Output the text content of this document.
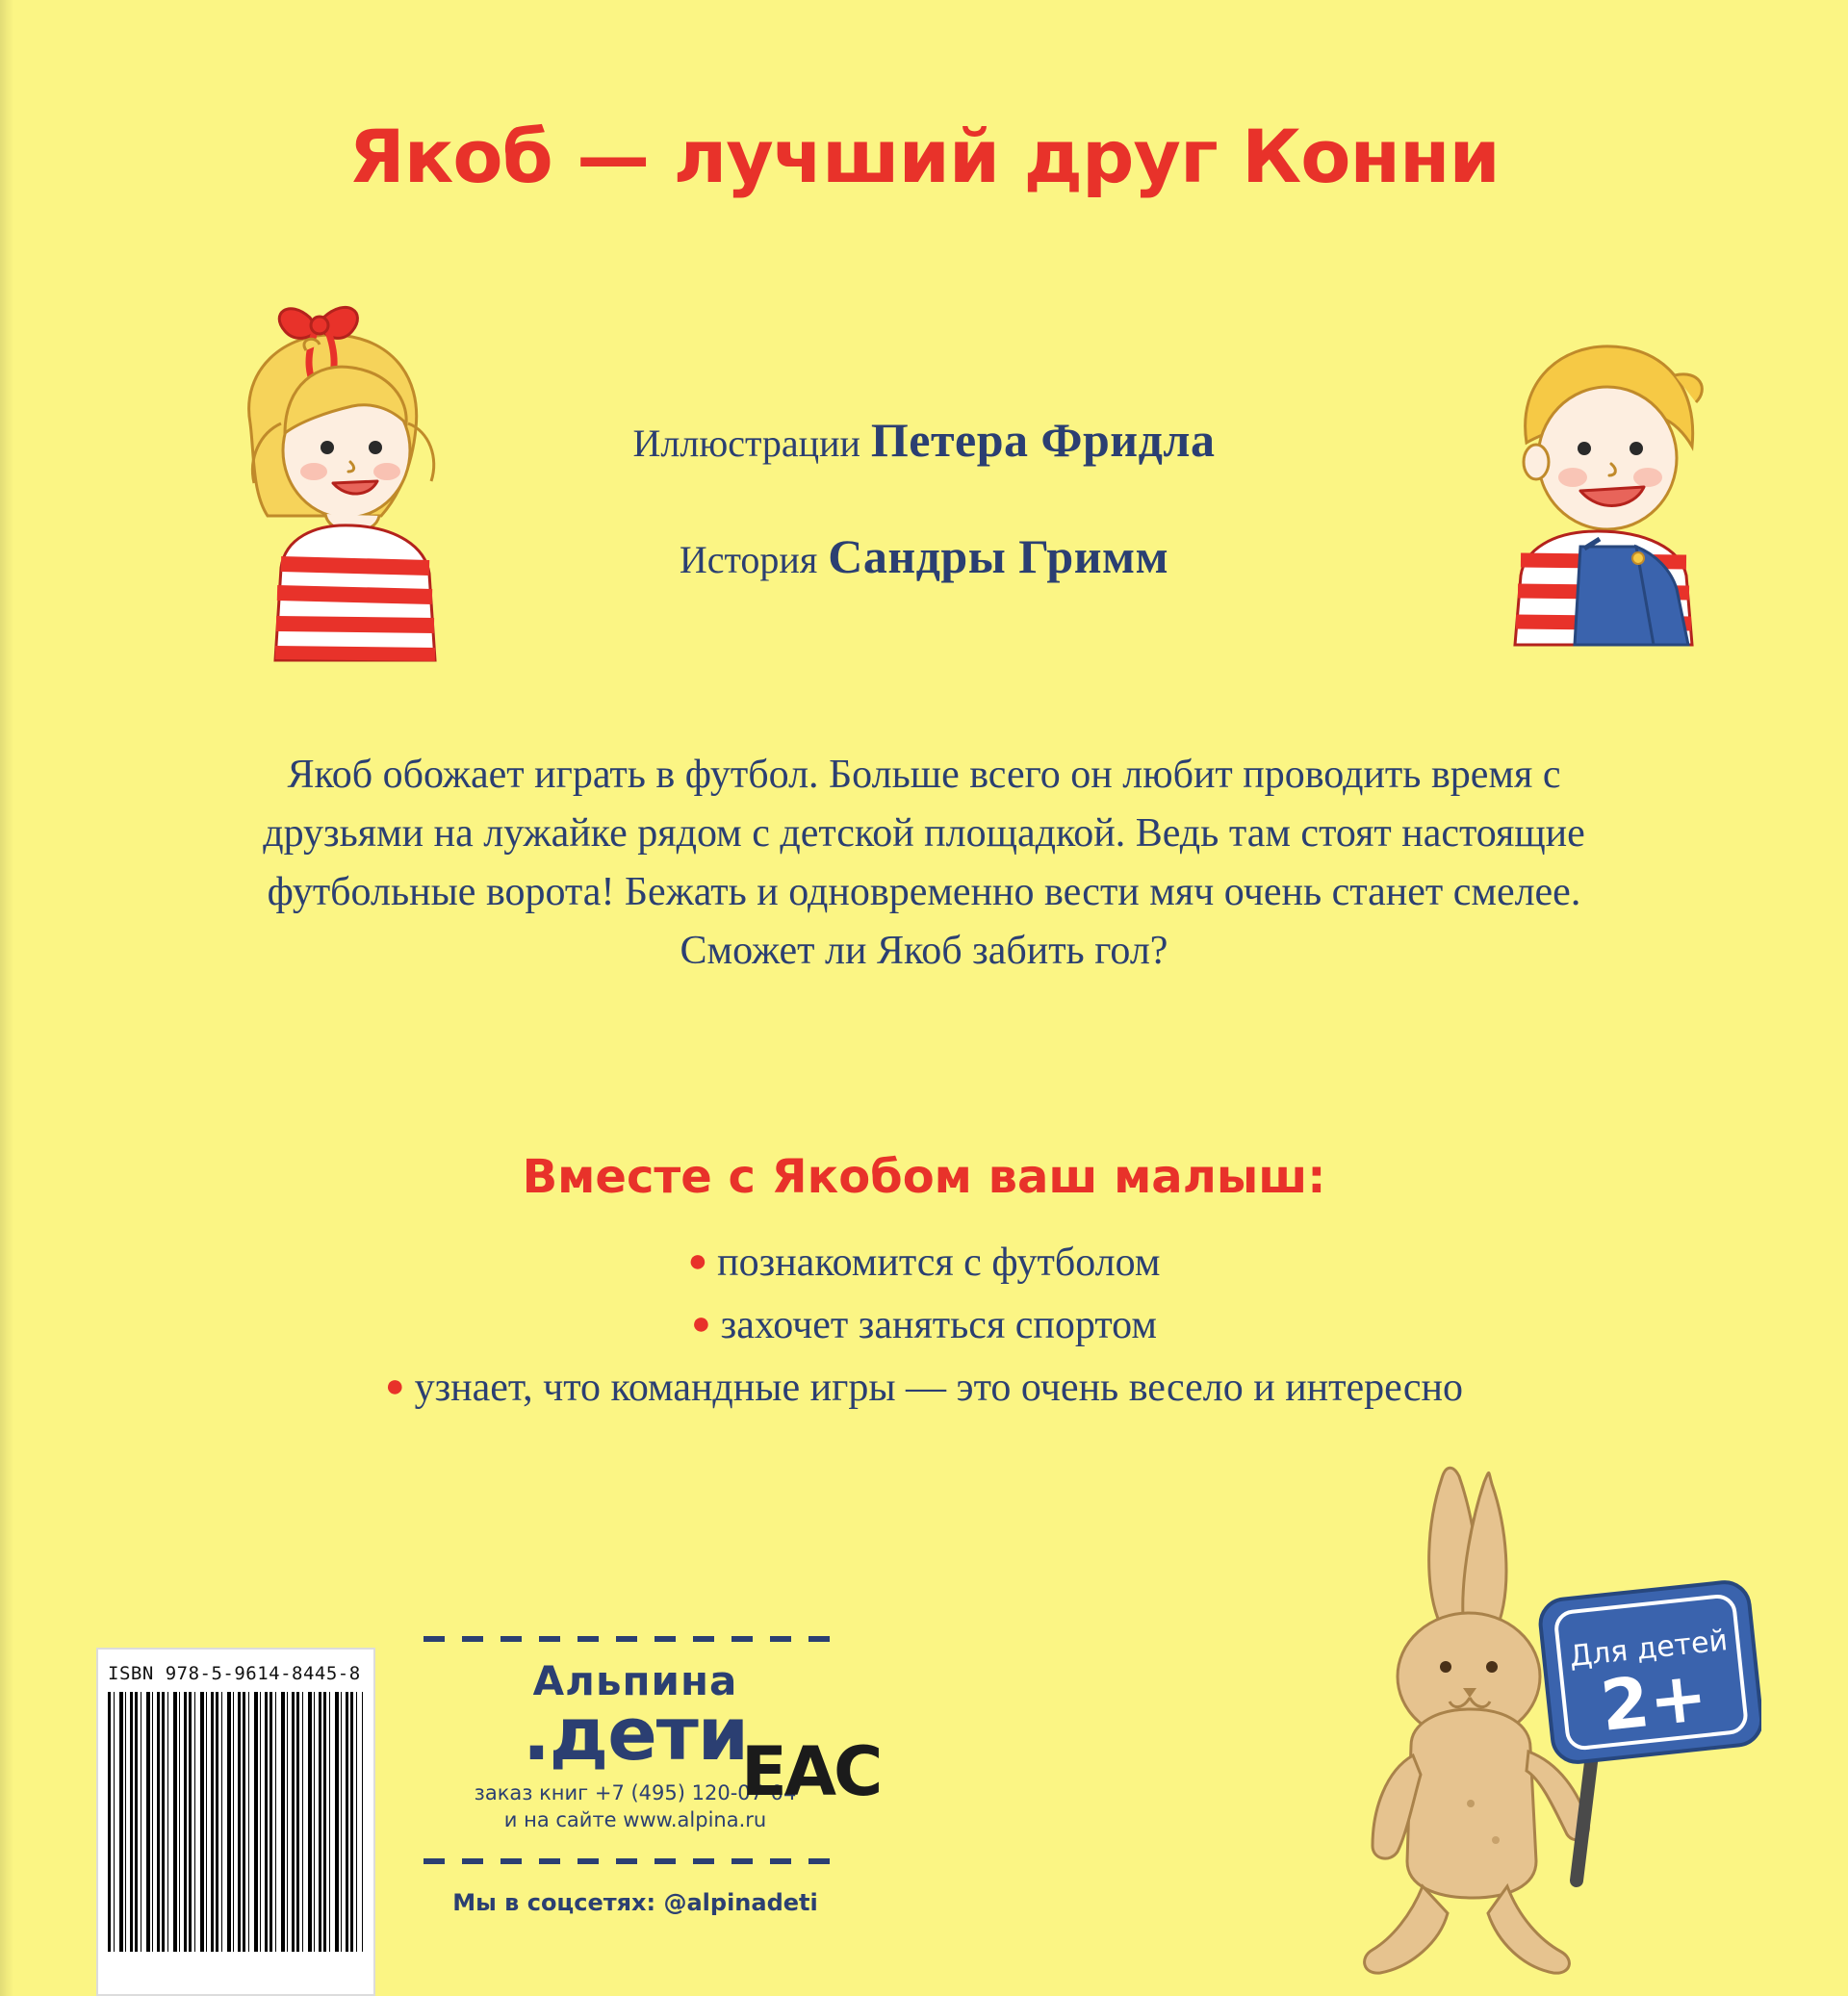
Якоб — лучший друг Конни
Иллюстрации Петера Фридла
История Сандры Гримм
Якоб обожает играть в футбол. Больше всего он любит проводить время с друзьями на лужайке рядом с детской площадкой. Ведь там стоят настоящие футбольные ворота! Бежать и одновременно вести мяч очень станет смелее. Сможет ли Якоб забить гол?
Вместе с Якобом ваш малыш:
● познакомится с футболом
● захочет заняться спортом
● узнает, что командные игры — это очень весело и интересно
ISBN 978-5-9614-8445-8	Альпина
.дети
заказ книг +7 (495) 120-07-04
и на сайте www.alpina.ru
Мы в соцсетях: @alpinadeti
ЕАС
Для детей
2+
